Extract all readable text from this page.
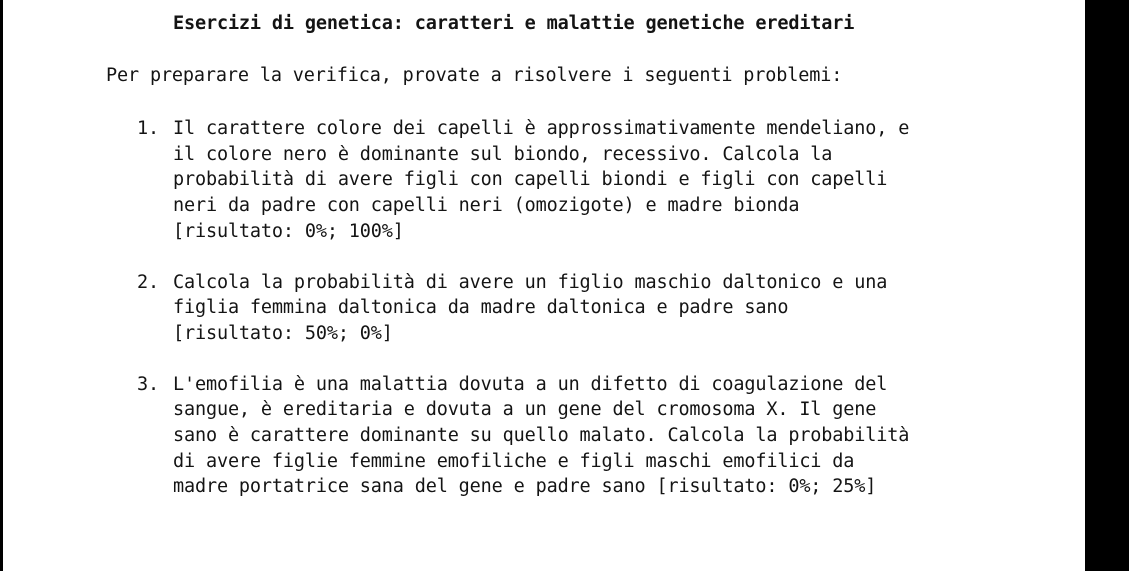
Esercizi di genetica: caratteri e malattie genetiche ereditari
Per preparare la verifica, provate a risolvere i seguenti problemi:
1. Il carattere colore dei capelli è approssimativamente mendeliano, e
il colore nero è dominante sul biondo, recessivo. Calcola la
probabilità di avere figli con capelli biondi e figli con capelli
neri da padre con capelli neri (omozigote) e madre bionda
[risultato: 0%; 100%]
2. Calcola la probabilità di avere un figlio maschio daltonico e una
figlia femmina daltonica da madre daltonica e padre sano
[risultato: 50%; 0%]
3. L'emofilia è una malattia dovuta a un difetto di coagulazione del
sangue, è ereditaria e dovuta a un gene del cromosoma X. Il gene
sano è carattere dominante su quello malato. Calcola la probabilità
di avere figlie femmine emofiliche e figli maschi emofilici da
madre portatrice sana del gene e padre sano [risultato: 0%; 25%]
